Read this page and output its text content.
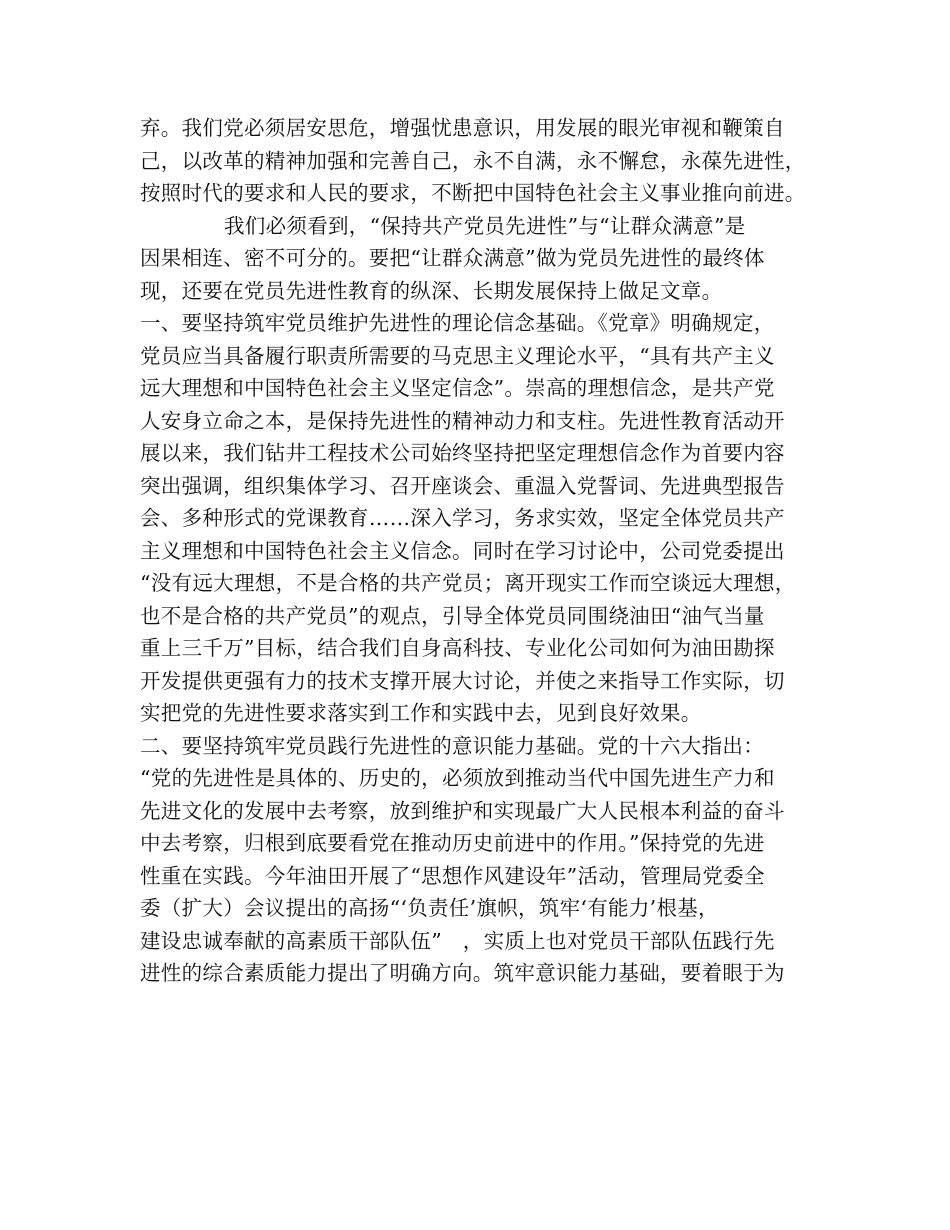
弃。我们党必须居安思危，增强忧患意识，用发展的眼光审视和鞭策自
己，以改革的精神加强和完善自己，永不自满，永不懈怠，永葆先进性，
按照时代的要求和人民的要求，不断把中国特色社会主义事业推向前进。
我们必须看到，“保持共产党员先进性”与“让群众满意”是
因果相连、密不可分的。要把“让群众满意”做为党员先进性的最终体
现，还要在党员先进性教育的纵深、长期发展保持上做足文章。
一、要坚持筑牢党员维护先进性的理论信念基础。《党章》明确规定，
党员应当具备履行职责所需要的马克思主义理论水平，“具有共产主义
远大理想和中国特色社会主义坚定信念”。崇高的理想信念，是共产党
人安身立命之本，是保持先进性的精神动力和支柱。先进性教育活动开
展以来，我们钻井工程技术公司始终坚持把坚定理想信念作为首要内容
突出强调，组织集体学习、召开座谈会、重温入党誓词、先进典型报告
会、多种形式的党课教育……深入学习，务求实效，坚定全体党员共产
主义理想和中国特色社会主义信念。同时在学习讨论中，公司党委提出
“没有远大理想，不是合格的共产党员；离开现实工作而空谈远大理想，
也不是合格的共产党员”的观点，引导全体党员同围绕油田“油气当量
重上三千万”目标，结合我们自身高科技、专业化公司如何为油田勘探
开发提供更强有力的技术支撑开展大讨论，并使之来指导工作实际，切
实把党的先进性要求落实到工作和实践中去，见到良好效果。
二、要坚持筑牢党员践行先进性的意识能力基础。党的十六大指出：
“党的先进性是具体的、历史的，必须放到推动当代中国先进生产力和
先进文化的发展中去考察，放到维护和实现最广大人民根本利益的奋斗
中去考察，归根到底要看党在推动历史前进中的作用。”保持党的先进
性重在实践。今年油田开展了“思想作风建设年”活动，管理局党委全
委（扩大）会议提出的高扬“‘负责任’旗帜，筑牢‘有能力’根基，
建设忠诚奉献的高素质干部队伍”　，实质上也对党员干部队伍践行先
进性的综合素质能力提出了明确方向。筑牢意识能力基础，要着眼于为
